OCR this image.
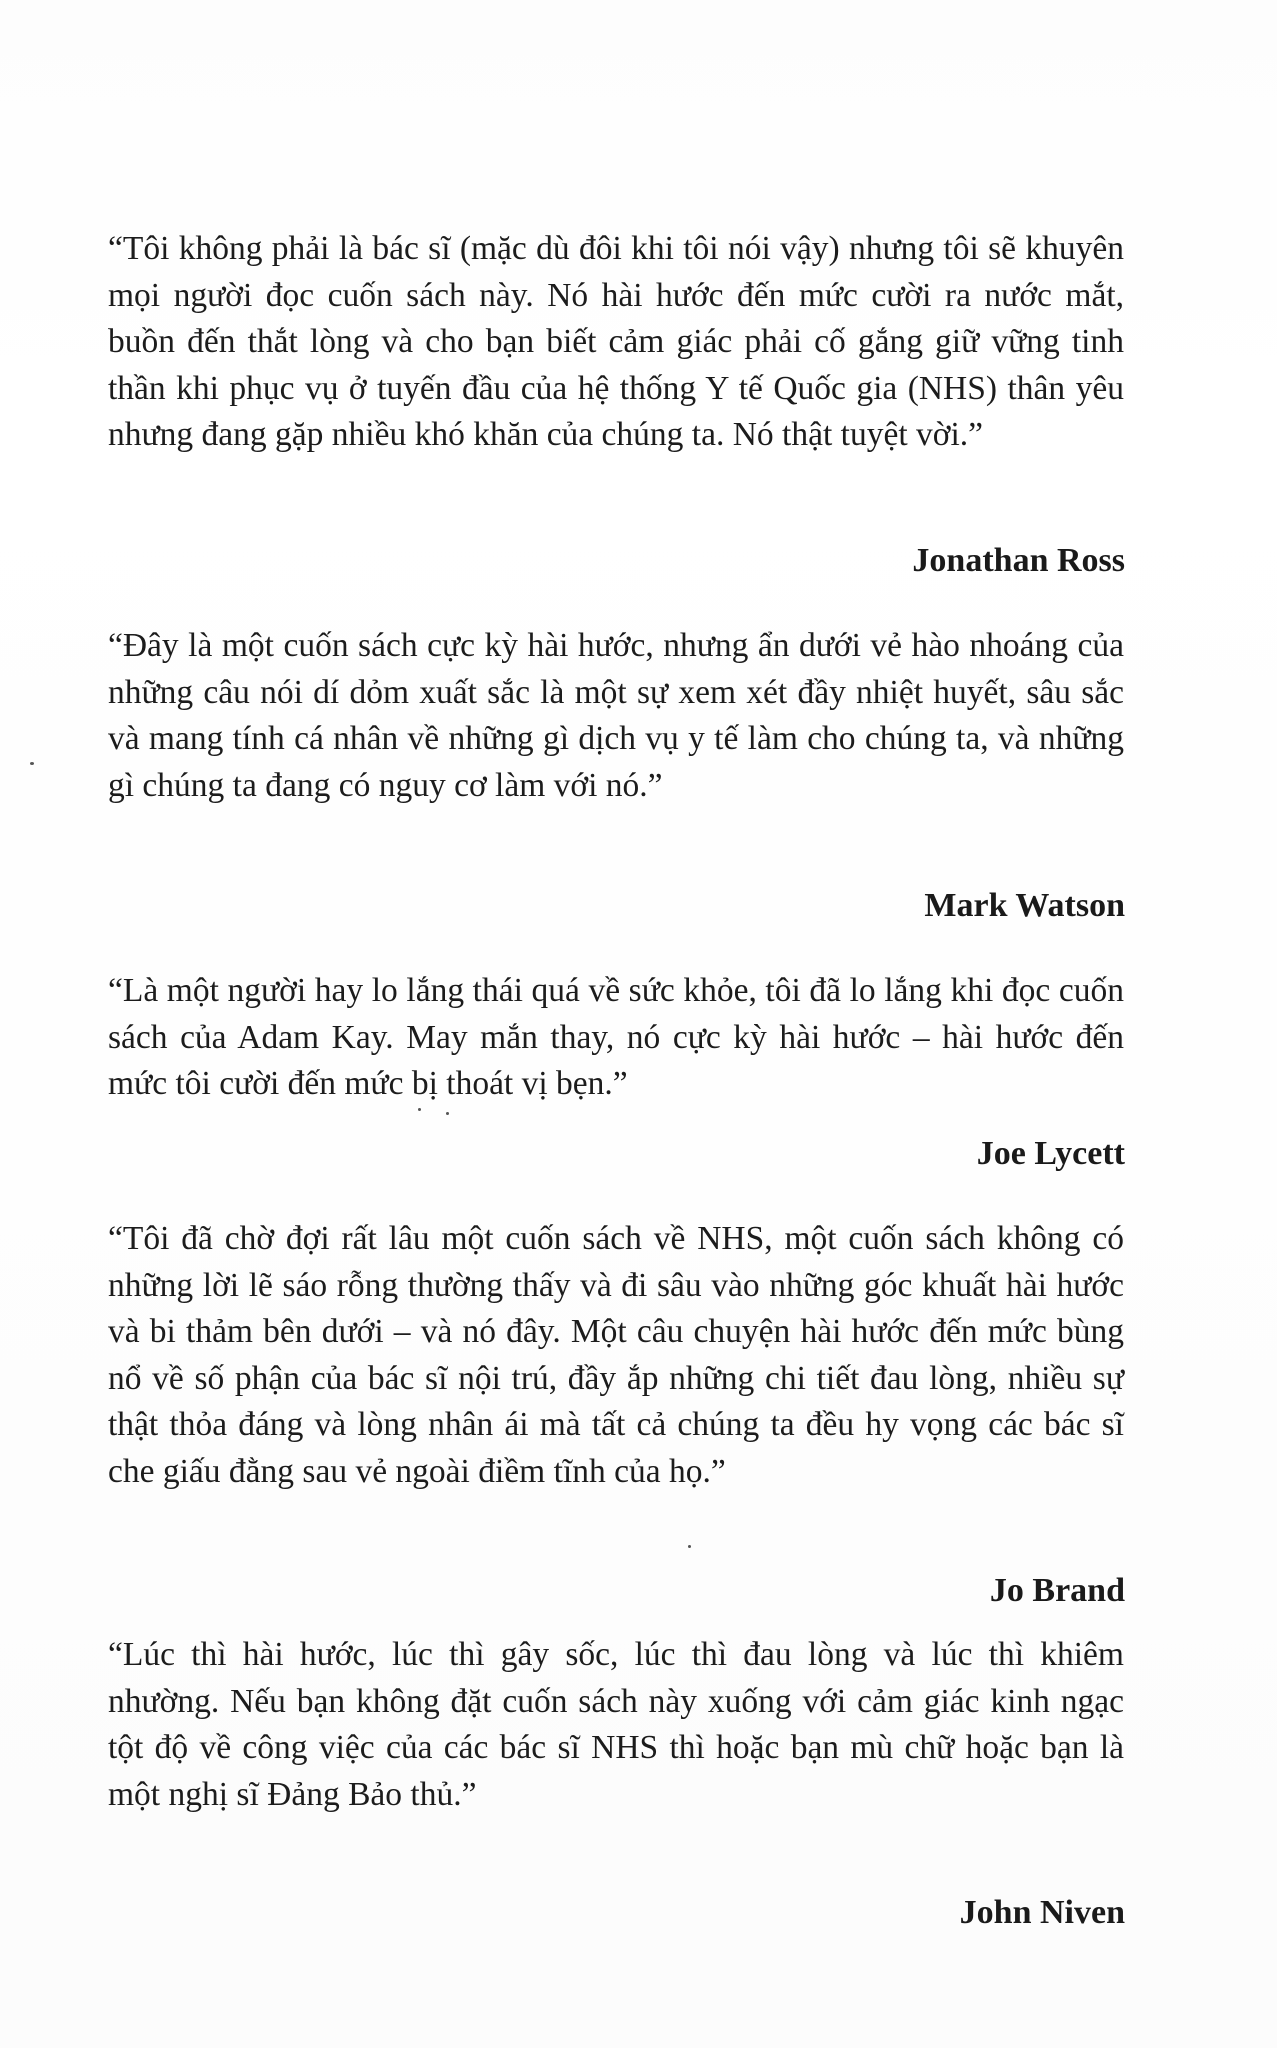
“Tôi không phải là bác sĩ (mặc dù đôi khi tôi nói vậy) nhưng tôi sẽ khuyên mọi người đọc cuốn sách này. Nó hài hước đến mức cười ra nước mắt, buồn đến thắt lòng và cho bạn biết cảm giác phải cố gắng giữ vững tinh thần khi phục vụ ở tuyến đầu của hệ thống Y tế Quốc gia (NHS) thân yêu nhưng đang gặp nhiều khó khăn của chúng ta. Nó thật tuyệt vời.”

Jonathan Ross

“Đây là một cuốn sách cực kỳ hài hước, nhưng ẩn dưới vẻ hào nhoáng của những câu nói dí dỏm xuất sắc là một sự xem xét đầy nhiệt huyết, sâu sắc và mang tính cá nhân về những gì dịch vụ y tế làm cho chúng ta, và những gì chúng ta đang có nguy cơ làm với nó.”

Mark Watson

“Là một người hay lo lắng thái quá về sức khỏe, tôi đã lo lắng khi đọc cuốn sách của Adam Kay. May mắn thay, nó cực kỳ hài hước – hài hước đến mức tôi cười đến mức bị thoát vị bẹn.”

Joe Lycett

“Tôi đã chờ đợi rất lâu một cuốn sách về NHS, một cuốn sách không có những lời lẽ sáo rỗng thường thấy và đi sâu vào những góc khuất hài hước và bi thảm bên dưới – và nó đây. Một câu chuyện hài hước đến mức bùng nổ về số phận của bác sĩ nội trú, đầy ắp những chi tiết đau lòng, nhiều sự thật thỏa đáng và lòng nhân ái mà tất cả chúng ta đều hy vọng các bác sĩ che giấu đằng sau vẻ ngoài điềm tĩnh của họ.”

Jo Brand

“Lúc thì hài hước, lúc thì gây sốc, lúc thì đau lòng và lúc thì khiêm nhường. Nếu bạn không đặt cuốn sách này xuống với cảm giác kinh ngạc tột độ về công việc của các bác sĩ NHS thì hoặc bạn mù chữ hoặc bạn là một nghị sĩ Đảng Bảo thủ.”

John Niven
